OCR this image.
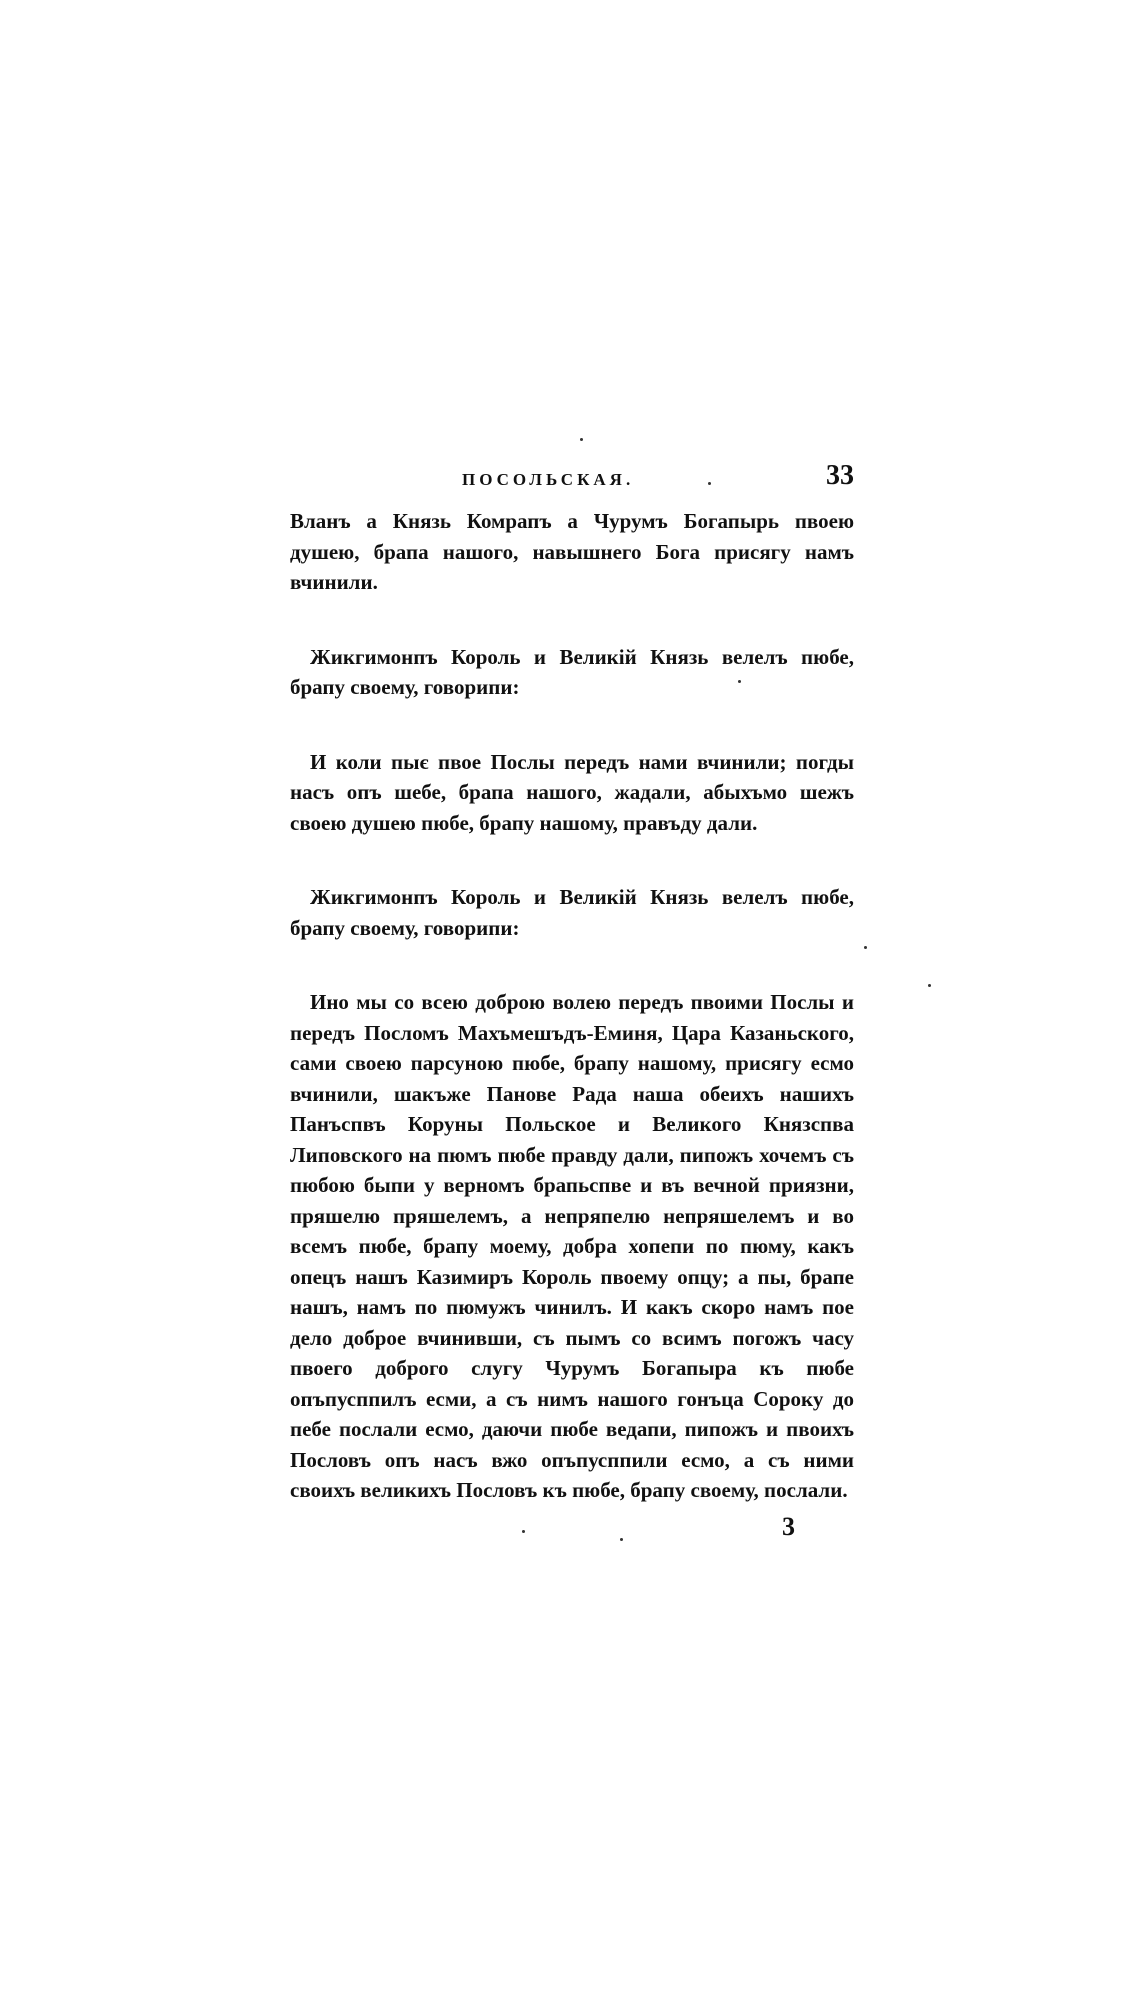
ПОСОЛЬСКАЯ.	33

Вланъ а Князь Комрапъ а Чурумъ Богапырь пвоею душею, брапа нашого, навышнего Бога присягу намъ вчинили.

Жикгимонпъ Король и Великій Князь велелъ пюбе, брапу своему, говорипи:

И коли пыє пвое Послы передъ нами вчинили; погды насъ опъ шебе, брапа нашого, жадали, абыхъмо шежъ своею душею пюбе, брапу нашому, правъду дали.

Жикгимонпъ Король и Великій Князь велелъ пюбе, брапу своему, говорипи:

Ино мы со всею доброю волею передъ пвоими Послы и передъ Посломъ Махъмешъдъ-Еминя, Цара Казаньского, сами своею парсуною пюбе, брапу нашому, присягу есмо вчинили, шакъже Панове Рада наша обеихъ нашихъ Панъспвъ Коруны Польское и Великого Князспва Липовского на пюмъ пюбе правду дали, пипожъ хочемъ съ пюбою быпи у верномъ брапьспве и въ вечной приязни, пряшелю пряшелемъ, а непряпелю непряшелемъ и во всемъ пюбе, брапу моему, добра хопепи по пюму, какъ опецъ нашъ Казимиръ Король пвоему опцу; а пы, брапе нашъ, намъ по пюмужъ чинилъ. И какъ скоро намъ пое дело доброе вчинивши, съ пымъ со всимъ погожъ часу пвоего доброго слугу Чурумъ Богапыра къ пюбе опъпусппилъ есми, а съ нимъ нашого гонъца Сороку до пебе послали есмо, даючи пюбе ведапи, пипожъ и пвоихъ Пословъ опъ насъ вжо опъпусппили есмо, а съ ними своихъ великихъ Пословъ къ пюбе, брапу своему, послали.

3
